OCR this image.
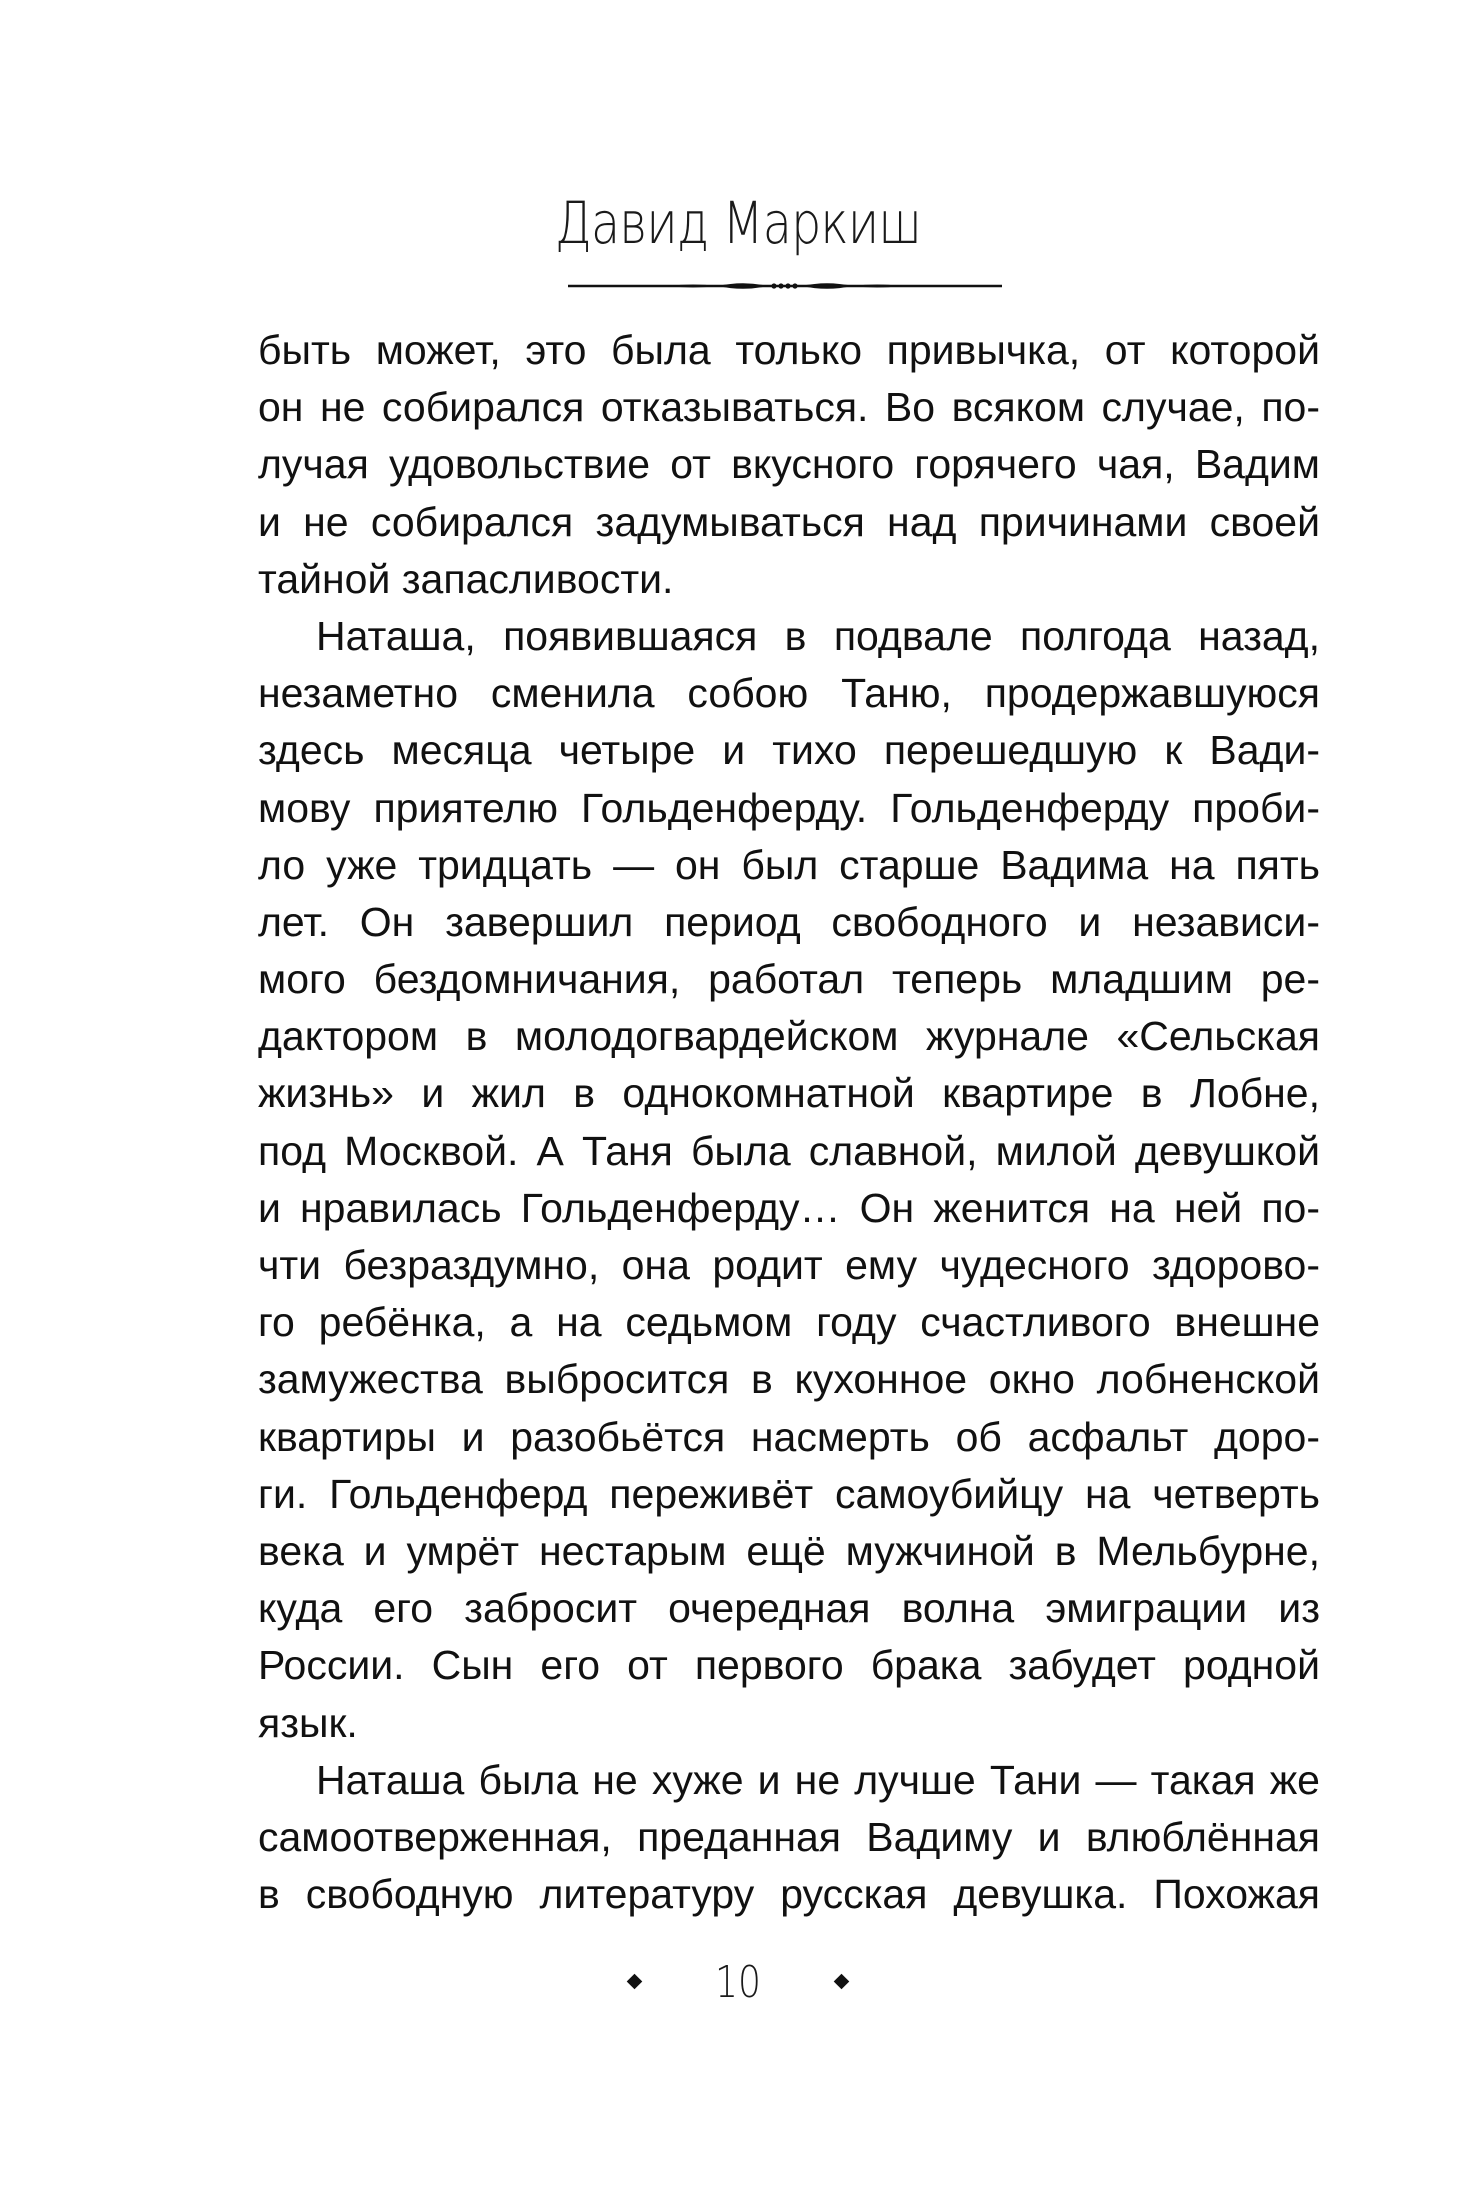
Давид Маркиш
быть может, это была только привычка, от которой
он не собирался отказываться. Во всяком случае, по-
лучая удовольствие от вкусного горячего чая, Вадим
и не собирался задумываться над причинами своей
тайной запасливости.
Наташа, появившаяся в подвале полгода назад,
незаметно сменила собою Таню, продержавшуюся
здесь месяца четыре и тихо перешедшую к Вади-
мову приятелю Гольденферду. Гольденферду проби-
ло уже тридцать — он был старше Вадима на пять
лет. Он завершил период свободного и независи-
мого бездомничания, работал теперь младшим ре-
дактором в молодогвардейском журнале «Сельская
жизнь» и жил в однокомнатной квартире в Лобне,
под Москвой. А Таня была славной, милой девушкой
и нравилась Гольденферду… Он женится на ней по-
чти безраздумно, она родит ему чудесного здорово-
го ребёнка, а на седьмом году счастливого внешне
замужества выбросится в кухонное окно лобненской
квартиры и разобьётся насмерть об асфальт доро-
ги. Гольденферд переживёт самоубийцу на четверть
века и умрёт нестарым ещё мужчиной в Мельбурне,
куда его забросит очередная волна эмиграции из
России. Сын его от первого брака забудет родной
язык.
Наташа была не хуже и не лучше Тани — такая же
самоотверженная, преданная Вадиму и влюблённая
в свободную литературу русская девушка. Похожая
10
